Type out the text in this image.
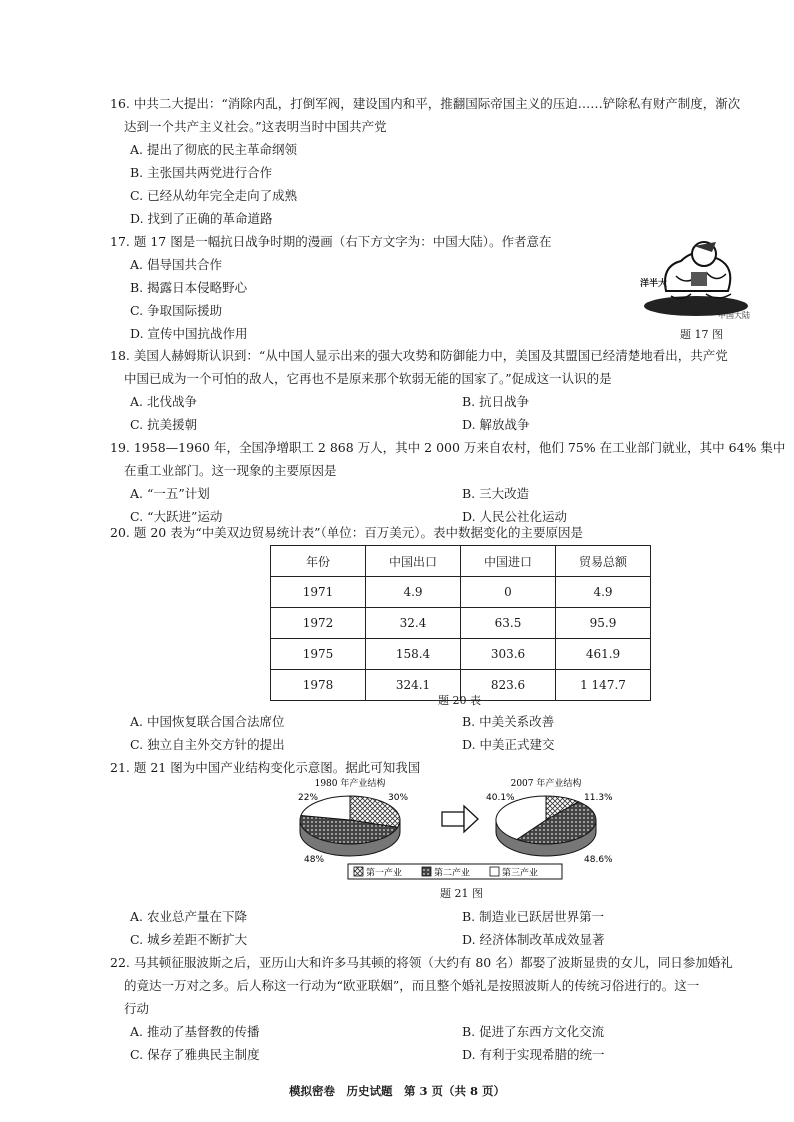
16. 中共二大提出：“消除内乱，打倒军阀，建设国内和平，推翻国际帝国主义的压迫……铲除私有财产制度，渐次
达到一个共产主义社会。”这表明当时中国共产党
A. 提出了彻底的民主革命纲领
B. 主张国共两党进行合作
C. 已经从幼年完全走向了成熟
D. 找到了正确的革命道路
17. 题 17 图是一幅抗日战争时期的漫画（右下方文字为：中国大陆）。作者意在
A. 倡导国共合作
B. 揭露日本侵略野心
C. 争取国际援助
D. 宣传中国抗战作用
洋半大
中国大陆
题 17 图
18. 美国人赫姆斯认识到：“从中国人显示出来的强大攻势和防御能力中，美国及其盟国已经清楚地看出，共产党
中国已成为一个可怕的敌人，它再也不是原来那个软弱无能的国家了。”促成这一认识的是
A. 北伐战争	B. 抗日战争
C. 抗美援朝	D. 解放战争
19. 1958—1960 年，全国净增职工 2 868 万人，其中 2 000 万来自农村，他们 75% 在工业部门就业，其中 64% 集中
在重工业部门。这一现象的主要原因是
A. “一五”计划	B. 三大改造
C. “大跃进”运动	D. 人民公社化运动
20. 题 20 表为“中美双边贸易统计表”（单位：百万美元）。表中数据变化的主要原因是
年份	中国出口	中国进口	贸易总额
1971	4.9	0	4.9
1972	32.4	63.5	95.9
1975	158.4	303.6	461.9
1978	324.1	823.6	1 147.7
题 20 表
A. 中国恢复联合国合法席位	B. 中美关系改善
C. 独立自主外交方针的提出	D. 中美正式建交
21. 题 21 图为中国产业结构变化示意图。据此可知我国
1980 年产业结构	2007 年产业结构
22%	30%
48%
40.1%	11.3%
48.6%
第一产业	第二产业	第三产业
题 21 图
A. 农业总产量在下降	B. 制造业已跃居世界第一
C. 城乡差距不断扩大	D. 经济体制改革成效显著
22. 马其顿征服波斯之后，亚历山大和许多马其顿的将领（大约有 80 名）都娶了波斯显贵的女儿，同日参加婚礼
的竟达一万对之多。后人称这一行动为“欧亚联姻”，而且整个婚礼是按照波斯人的传统习俗进行的。这一
行动
A. 推动了基督教的传播	B. 促进了东西方文化交流
C. 保存了雅典民主制度	D. 有利于实现希腊的统一
模拟密卷　历史试题　第 3 页（共 8 页）
